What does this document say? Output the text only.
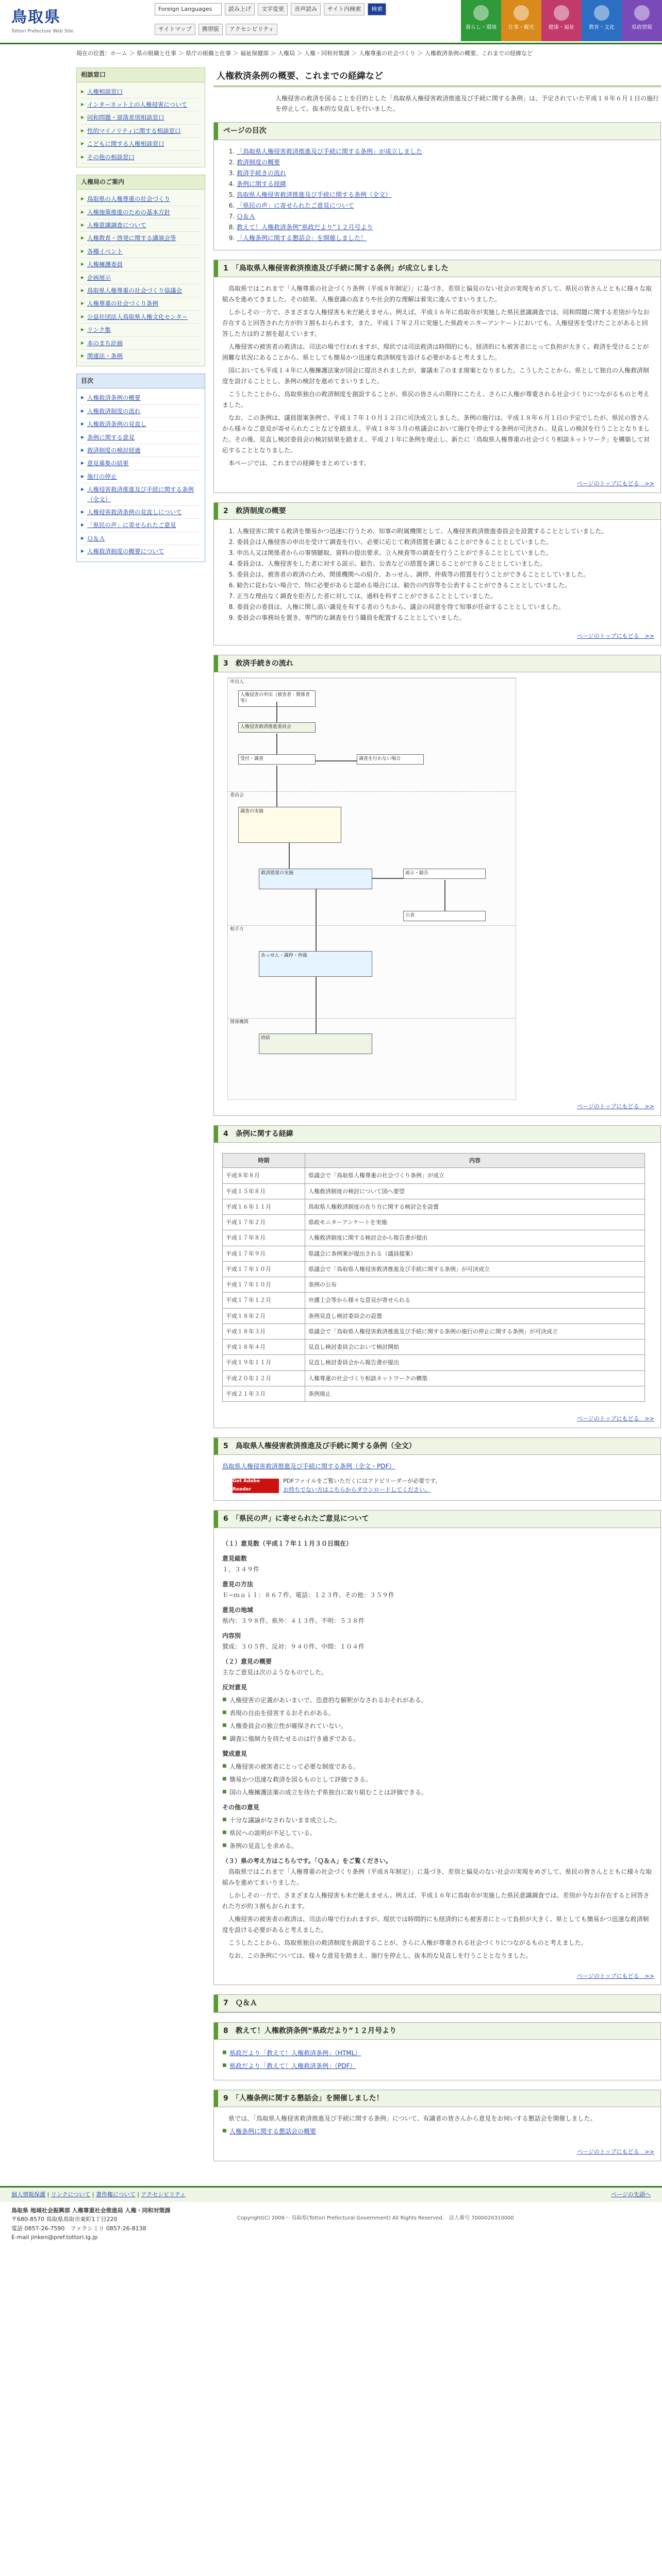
鳥取県
Tottori Prefecture Web Site
Foreign Languages	読み上げ	文字変更	音声読み	サイト内検索	検索
サイトマップ	携帯版	アクセシビリティ	暮らし・環境	仕事・観光	健康・福祉	教育・文化	県政情報
現在の位置：ホーム ＞ 県の組織と仕事 ＞ 県庁の組織と仕事 ＞ 福祉保健部 ＞ 人権局 ＞ 人権・同和対策課 ＞ 人権尊重の社会づくり ＞ 人権救済条例の概要、これまでの経緯など
相談窓口
▶ 人権相談窓口
▶ インターネット上の人権侵害について
▶ 同和問題・部落差別相談窓口
▶ 性的マイノリティに関する相談窓口
▶ こどもに関する人権相談窓口
▶ その他の相談窓口
人権局のご案内
▶ 鳥取県の人権尊重の社会づくり
▶ 人権施策推進のための基本方針
▶ 人権意識調査について
▶ 人権教育・啓発に関する講演会等
▶ 各種イベント
▶ 人権擁護委員
▶ 企画展示
▶ 鳥取県人権尊重の社会づくり協議会
▶ 人権尊重の社会づくり条例
▶ 公益社団法人鳥取県人権文化センター
▶ リンク集
▶ 本のまち計画
▶ 関連法・条例
目次
▶ 人権救済条例の概要
▶ 人権救済制度の流れ
▶ 人権救済条例の見直し
▶ 条例に関する意見
▶ 救済制度の検討経過
▶ 意見募集の結果
▶ 施行の停止
▶ 人権侵害救済推進及び手続に関する条例（全文）
▶ 人権侵害救済条例の見直しについて
▶ 「県民の声」に寄せられたご意見
▶ Ｑ＆Ａ
▶ 人権救済制度の概要について
人権救済条例の概要、これまでの経緯など

人権侵害の救済を図ることを目的とした「鳥取県人権侵害救済推進及び手続に関する条例」は、予定されていた平成１８年６月１日の施行を停止して、抜本的な見直しを行いました。

ページの目次
1. 「鳥取県人権侵害救済推進及び手続に関する条例」が成立しました
2. 救済制度の概要
3. 救済手続きの流れ
4. 条例に関する経緯
5. 鳥取県人権侵害救済推進及び手続に関する条例（全文）
6. 「県民の声」に寄せられたご意見について
7. Ｑ＆Ａ
8. 教えて！人権救済条例“県政だより”１２月号より
9. 「人権条例に関する懇話会」を開催しました！
1　「鳥取県人権侵害救済推進及び手続に関する条例」が成立しました

鳥取県ではこれまで「人権尊重の社会づくり条例（平成８年制定）」に基づき、差別と偏見のない社会の実現をめざして、県民の皆さんとともに様々な取組みを進めてきました。その結果、人権意識の高まりや社会的な理解は着実に進んでまいりました。

しかしその一方で、さまざまな人権侵害も未だ絶えません。例えば、平成１６年に鳥取市が実施した県民意識調査では、同和問題に関する差別が今なお存在すると回答された方が約３割もおられます。また、平成１７年２月に実施した県政モニターアンケートにおいても、人権侵害を受けたことがあると回答した方は約２割を超えています。

人権侵害の被害者の救済は、司法の場で行われますが、現状では司法救済は時間的にも、経済的にも被害者にとって負担が大きく、救済を受けることが困難な状況にあることから、県としても簡易かつ迅速な救済制度を設ける必要があると考えました。

国においても平成１４年に人権擁護法案が国会に提出されましたが、審議未了のまま廃案となりました。こうしたことから、県として独自の人権救済制度を設けることとし、条例の検討を進めてまいりました。

こうしたことから、鳥取県独自の救済制度を創設することが、県民の皆さんの期待にこたえ、さらに人権が尊重される社会づくりにつながるものと考えました。

なお、この条例は、議員提案条例で、平成１７年１０月１２日に可決成立しました。条例の施行は、平成１８年６月１日の予定でしたが、県民の皆さんから様々なご意見が寄せられたことなどを踏まえ、平成１８年３月の県議会において施行を停止する条例が可決され、見直しの検討を行うこととなりました。その後、見直し検討委員会の検討結果を踏まえ、平成２１年に条例を廃止し、新たに「鳥取県人権尊重の社会づくり相談ネットワーク」を構築して対応することとなりました。

本ページでは、これまでの経緯をまとめています。

ページのトップにもどる　>>
2　救済制度の概要
1. 人権侵害に関する救済を簡易かつ迅速に行うため、知事の附属機関として、人権侵害救済推進委員会を設置することとしていました。
2. 委員会は人権侵害の申出を受けて調査を行い、必要に応じて救済措置を講じることができることとしていました。
3. 申出人又は関係者からの事情聴取、資料の提出要求、立入検査等の調査を行うことができることとしていました。
4. 委員会は、人権侵害をした者に対する説示、勧告、公表などの措置を講じることができることとしていました。
5. 委員会は、被害者の救済のため、関係機関への紹介、あっせん、調停、仲裁等の措置を行うことができることとしていました。
6. 勧告に従わない場合で、特に必要があると認める場合には、勧告の内容等を公表することができることとしていました。
7. 正当な理由なく調査を拒否した者に対しては、過料を科すことができることとしていました。
8. 委員会の委員は、人権に関し高い識見を有する者のうちから、議会の同意を得て知事が任命することとしていました。
9. 委員会の事務局を置き、専門的な調査を行う職員を配置することとしていました。
ページのトップにもどる　>>
3　救済手続きの流れ
申出人
委員会
相手方
関係機関
人権侵害の申出（被害者・関係者等）
人権侵害救済推進委員会
受付・調査	調査を行わない場合
調査の実施
救済措置の実施	説示・勧告
公表
あっせん・調停・仲裁
終結
ページのトップにもどる　>>
4　条例に関する経緯
時期	内容
平成８年８月	県議会で「鳥取県人権尊重の社会づくり条例」が成立
平成１５年８月	人権救済制度の検討について国へ要望
平成１６年１１月	鳥取県人権救済制度の在り方に関する検討会を設置
平成１７年２月	県政モニターアンケートを実施
平成１７年８月	人権救済制度に関する検討会から報告書が提出
平成１７年９月	県議会に条例案が提出される（議員提案）
平成１７年１０月	県議会で「鳥取県人権侵害救済推進及び手続に関する条例」が可決成立
平成１７年１０月	条例の公布
平成１７年１２月	弁護士会等から様々な意見が寄せられる
平成１８年２月	条例見直し検討委員会の設置
平成１８年３月	県議会で「鳥取県人権侵害救済推進及び手続に関する条例の施行の停止に関する条例」が可決成立
平成１８年４月	見直し検討委員会において検討開始
平成１９年１１月	見直し検討委員会から報告書が提出
平成２０年１２月	人権尊重の社会づくり相談ネットワークの構築
平成２１年３月	条例廃止
ページのトップにもどる　>>
5　鳥取県人権侵害救済推進及び手続に関する条例（全文）
鳥取県人権侵害救済推進及び手続に関する条例（全文・PDF）
Get Adobe Reader
PDFファイルをご覧いただくにはアドビリーダーが必要です。
お持ちでない方はこちらからダウンロードしてください。
6　「県民の声」に寄せられたご意見について
（１）意見数（平成１７年１１月３０日現在）
意見総数
１，３４９件
意見の方法
Ｅ−ｍａｉｌ：８６７件、電話：１２３件、その他：３５９件
意見の地域
県内：３９８件、県外：４１３件、不明：５３８件
内容別
賛成：３０５件、反対：９４０件、中間：１０４件
（２）意見の概要
主なご意見は次のようなものでした。
反対意見
■ 人権侵害の定義があいまいで、恣意的な解釈がなされるおそれがある。
■ 表現の自由を侵害するおそれがある。
■ 人権委員会の独立性が確保されていない。
■ 調査に強制力を持たせるのは行き過ぎである。
賛成意見
■ 人権侵害の被害者にとって必要な制度である。
■ 簡易かつ迅速な救済を図るものとして評価できる。
■ 国の人権擁護法案の成立を待たず県独自に取り組むことは評価できる。
その他の意見
■ 十分な議論がなされないまま成立した。
■ 県民への説明が不足している。
■ 条例の見直しを求める。
（３）県の考え方はこちらです。「Ｑ＆Ａ」をご覧ください。

鳥取県ではこれまで「人権尊重の社会づくり条例（平成８年制定）」に基づき、差別と偏見のない社会の実現をめざして、県民の皆さんとともに様々な取組みを進めてまいりました。

しかしその一方で、さまざまな人権侵害も未だ絶えません。例えば、平成１６年に鳥取市が実施した県民意識調査では、差別が今なお存在すると回答された方が約３割もおられます。

人権侵害の被害者の救済は、司法の場で行われますが、現状では時間的にも経済的にも被害者にとって負担が大きく、県としても簡易かつ迅速な救済制度を設ける必要があると考えました。

こうしたことから、鳥取県独自の救済制度を創設することが、さらに人権が尊重される社会づくりにつながるものと考えました。

なお、この条例については、様々な意見を踏まえ、施行を停止し、抜本的な見直しを行うこととなりました。

ページのトップにもどる　>>
7　Ｑ＆Ａ
8　教えて！人権救済条例“県政だより”１２月号より
■ 県政だより「教えて！人権救済条例」（HTML）
■ 県政だより「教えて！人権救済条例」（PDF）
9　「人権条例に関する懇話会」を開催しました！

県では、「鳥取県人権侵害救済推進及び手続に関する条例」について、有識者の皆さんから意見をお伺いする懇話会を開催しました。

■ 人権条例に関する懇話会の概要
ページのトップにもどる　>>
個人情報保護 | リンクについて | 著作権について | アクセシビリティ	ページの先頭へ
鳥取県 地域社会振興部 人権尊重社会推進局 人権・同和対策課
〒680-8570 鳥取県鳥取市東町1丁目220
電話 0857-26-7590　ファクシミリ 0857-26-8138
E-mail jinken@pref.tottori.lg.jp
Copyright(C) 2006〜 鳥取県(Tottori Prefectural Government) All Rights Reserved.　 法人番号 7000020310000
